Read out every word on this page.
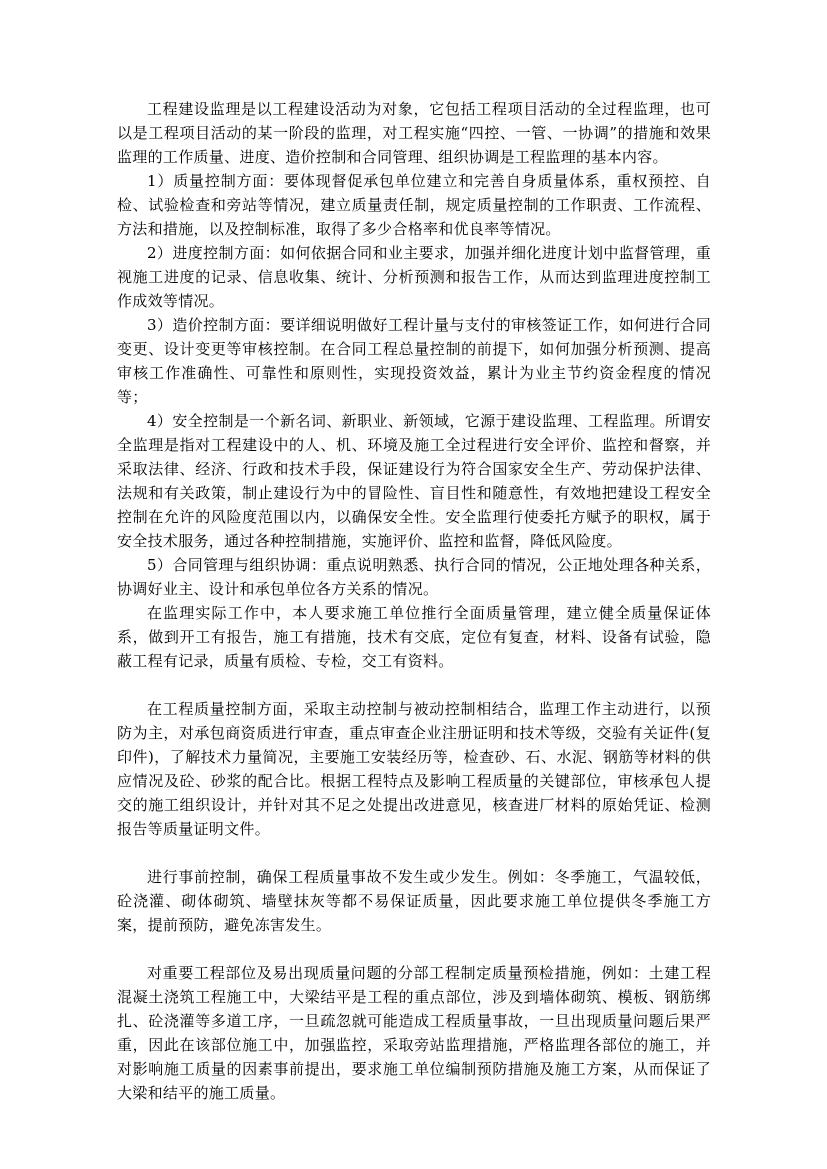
工程建设监理是以工程建设活动为对象，它包括工程项目活动的全过程监理，也可以是工程项目活动的某一阶段的监理，对工程实施“四控、一管、一协调”的措施和效果 监理的工作质量、进度、造价控制和合同管理、组织协调是工程监理的基本内容。

1）质量控制方面：要体现督促承包单位建立和完善自身质量体系，重权预控、自检、试验检查和旁站等情况，建立质量责任制，规定质量控制的工作职责、工作流程、方法和措施，以及控制标准，取得了多少合格率和优良率等情况。

2）进度控制方面：如何依据合同和业主要求，加强并细化进度计划中监督管理，重视施工进度的记录、信息收集、统计、分析预测和报告工作，从而达到监理进度控制工作成效等情况。

3）造价控制方面：要详细说明做好工程计量与支付的审核签证工作，如何进行合同变更、设计变更等审核控制。在合同工程总量控制的前提下，如何加强分析预测、提高审核工作准确性、可靠性和原则性，实现投资效益，累计为业主节约资金程度的情况等；

4）安全控制是一个新名词、新职业、新领域，它源于建设监理、工程监理。所谓安全监理是指对工程建设中的人、机、环境及施工全过程进行安全评价、监控和督察，并采取法律、经济、行政和技术手段，保证建设行为符合国家安全生产、劳动保护法律、法规和有关政策，制止建设行为中的冒险性、盲目性和随意性，有效地把建设工程安全控制在允许的风险度范围以内，以确保安全性。安全监理行使委托方赋予的职权，属于安全技术服务，通过各种控制措施，实施评价、监控和监督，降低风险度。

5）合同管理与组织协调：重点说明熟悉、执行合同的情况，公正地处理各种关系，协调好业主、设计和承包单位各方关系的情况。

在监理实际工作中，本人要求施工单位推行全面质量管理，建立健全质量保证体系，做到开工有报告，施工有措施，技术有交底，定位有复查，材料、设备有试验，隐蔽工程有记录，质量有质检、专检，交工有资料。

在工程质量控制方面，采取主动控制与被动控制相结合，监理工作主动进行，以预防为主，对承包商资质进行审查，重点审查企业注册证明和技术等级，交验有关证件(复印件)，了解技术力量简况，主要施工安装经历等，检查砂、石、水泥、钢筋等材料的供应情况及砼、砂浆的配合比。根据工程特点及影响工程质量的关键部位，审核承包人提交的施工组织设计，并针对其不足之处提出改进意见，核查进厂材料的原始凭证、检测报告等质量证明文件。

进行事前控制，确保工程质量事故不发生或少发生。例如：冬季施工，气温较低，砼浇灌、砌体砌筑、墙壁抹灰等都不易保证质量，因此要求施工单位提供冬季施工方案，提前预防，避免冻害发生。

对重要工程部位及易出现质量问题的分部工程制定质量预检措施，例如：土建工程混凝土浇筑工程施工中，大梁结平是工程的重点部位，涉及到墙体砌筑、模板、钢筋绑扎、砼浇灌等多道工序，一旦疏忽就可能造成工程质量事故，一旦出现质量问题后果严重，因此在该部位施工中，加强监控，采取旁站监理措施，严格监理各部位的施工，并对影响施工质量的因素事前提出，要求施工单位编制预防措施及施工方案，从而保证了大梁和结平的施工质量。
